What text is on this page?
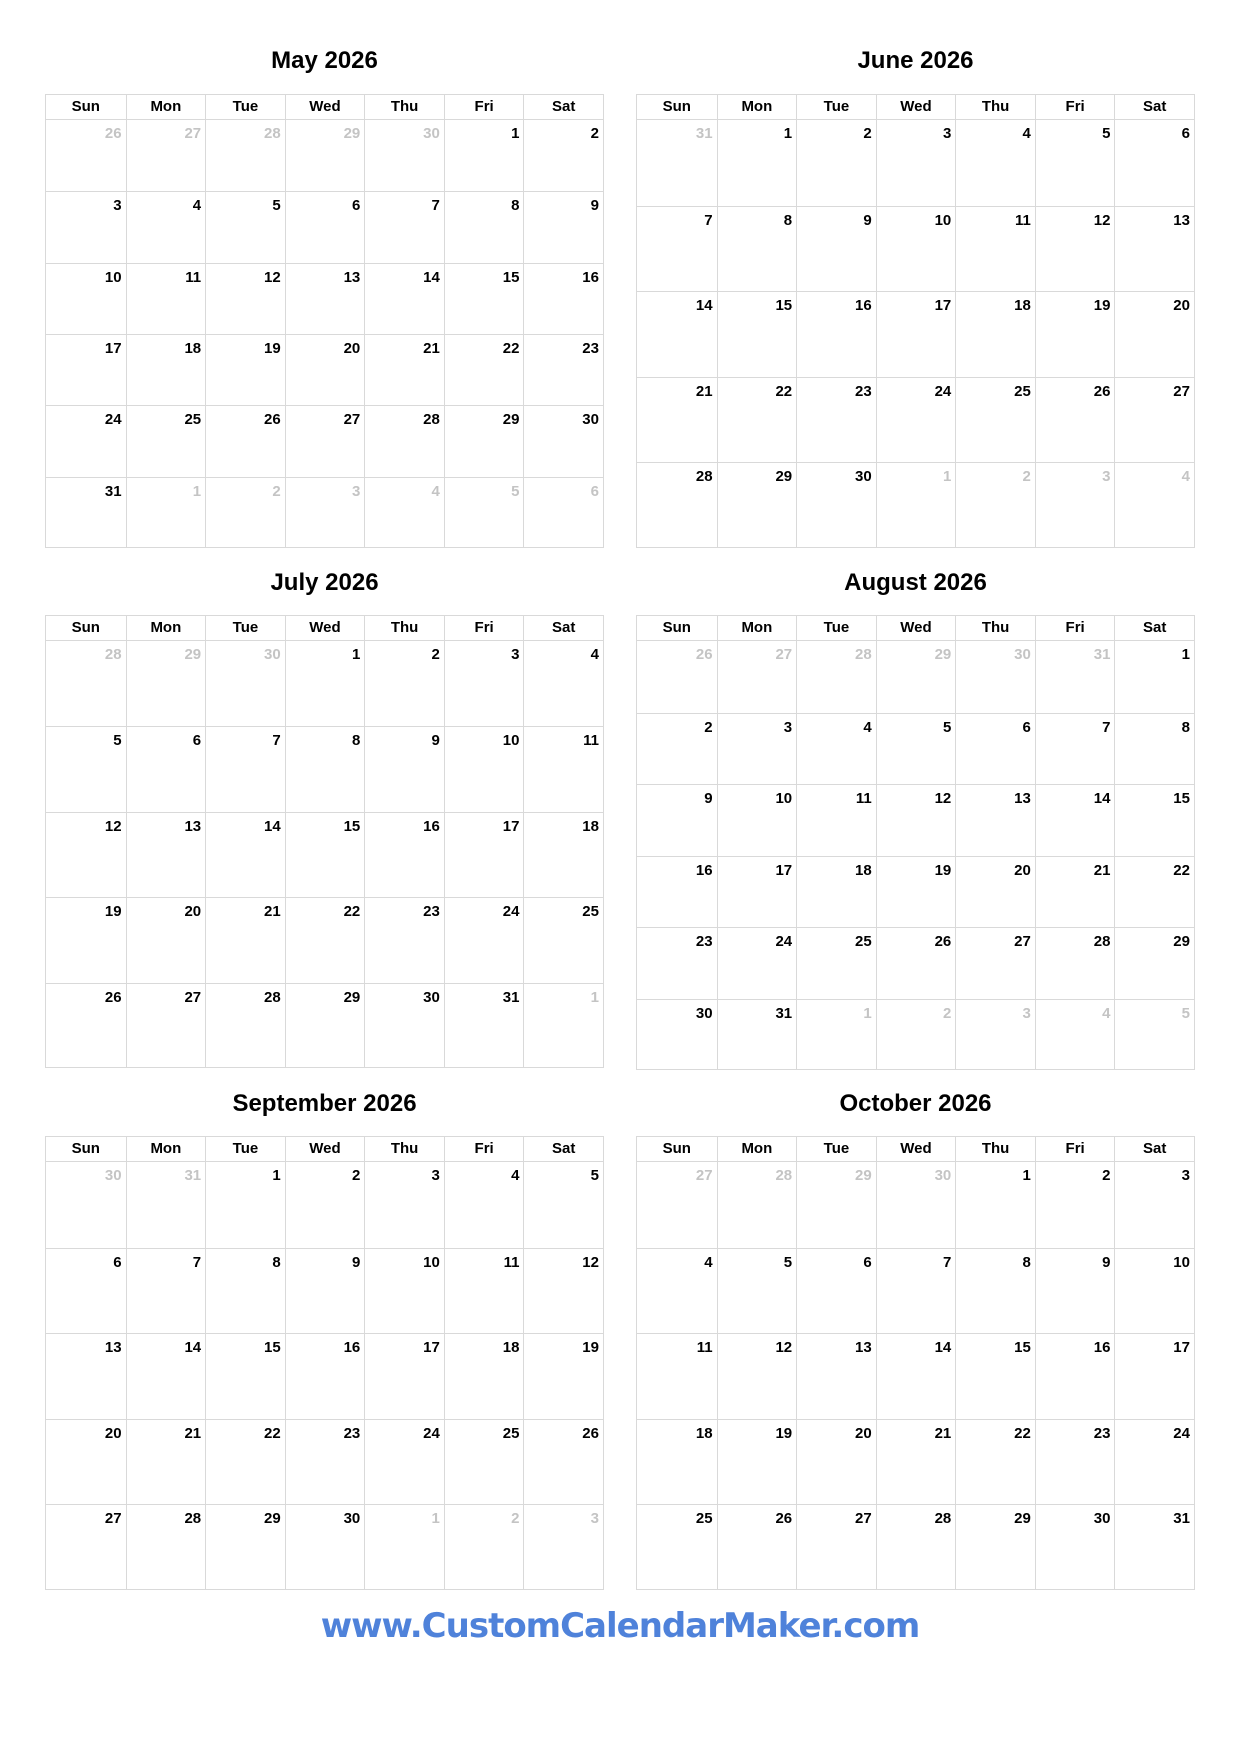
May 2026
Sun	Mon	Tue	Wed	Thu	Fri	Sat
26	27	28	29	30	1	2
3	4	5	6	7	8	9
10	11	12	13	14	15	16
17	18	19	20	21	22	23
24	25	26	27	28	29	30
31	1	2	3	4	5	6
June 2026
Sun	Mon	Tue	Wed	Thu	Fri	Sat
31	1	2	3	4	5	6
7	8	9	10	11	12	13
14	15	16	17	18	19	20
21	22	23	24	25	26	27
28	29	30	1	2	3	4
July 2026
Sun	Mon	Tue	Wed	Thu	Fri	Sat
28	29	30	1	2	3	4
5	6	7	8	9	10	11
12	13	14	15	16	17	18
19	20	21	22	23	24	25
26	27	28	29	30	31	1
August 2026
Sun	Mon	Tue	Wed	Thu	Fri	Sat
26	27	28	29	30	31	1
2	3	4	5	6	7	8
9	10	11	12	13	14	15
16	17	18	19	20	21	22
23	24	25	26	27	28	29
30	31	1	2	3	4	5
September 2026
Sun	Mon	Tue	Wed	Thu	Fri	Sat
30	31	1	2	3	4	5
6	7	8	9	10	11	12
13	14	15	16	17	18	19
20	21	22	23	24	25	26
27	28	29	30	1	2	3
October 2026
Sun	Mon	Tue	Wed	Thu	Fri	Sat
27	28	29	30	1	2	3
4	5	6	7	8	9	10
11	12	13	14	15	16	17
18	19	20	21	22	23	24
25	26	27	28	29	30	31
www.CustomCalendarMaker.com
